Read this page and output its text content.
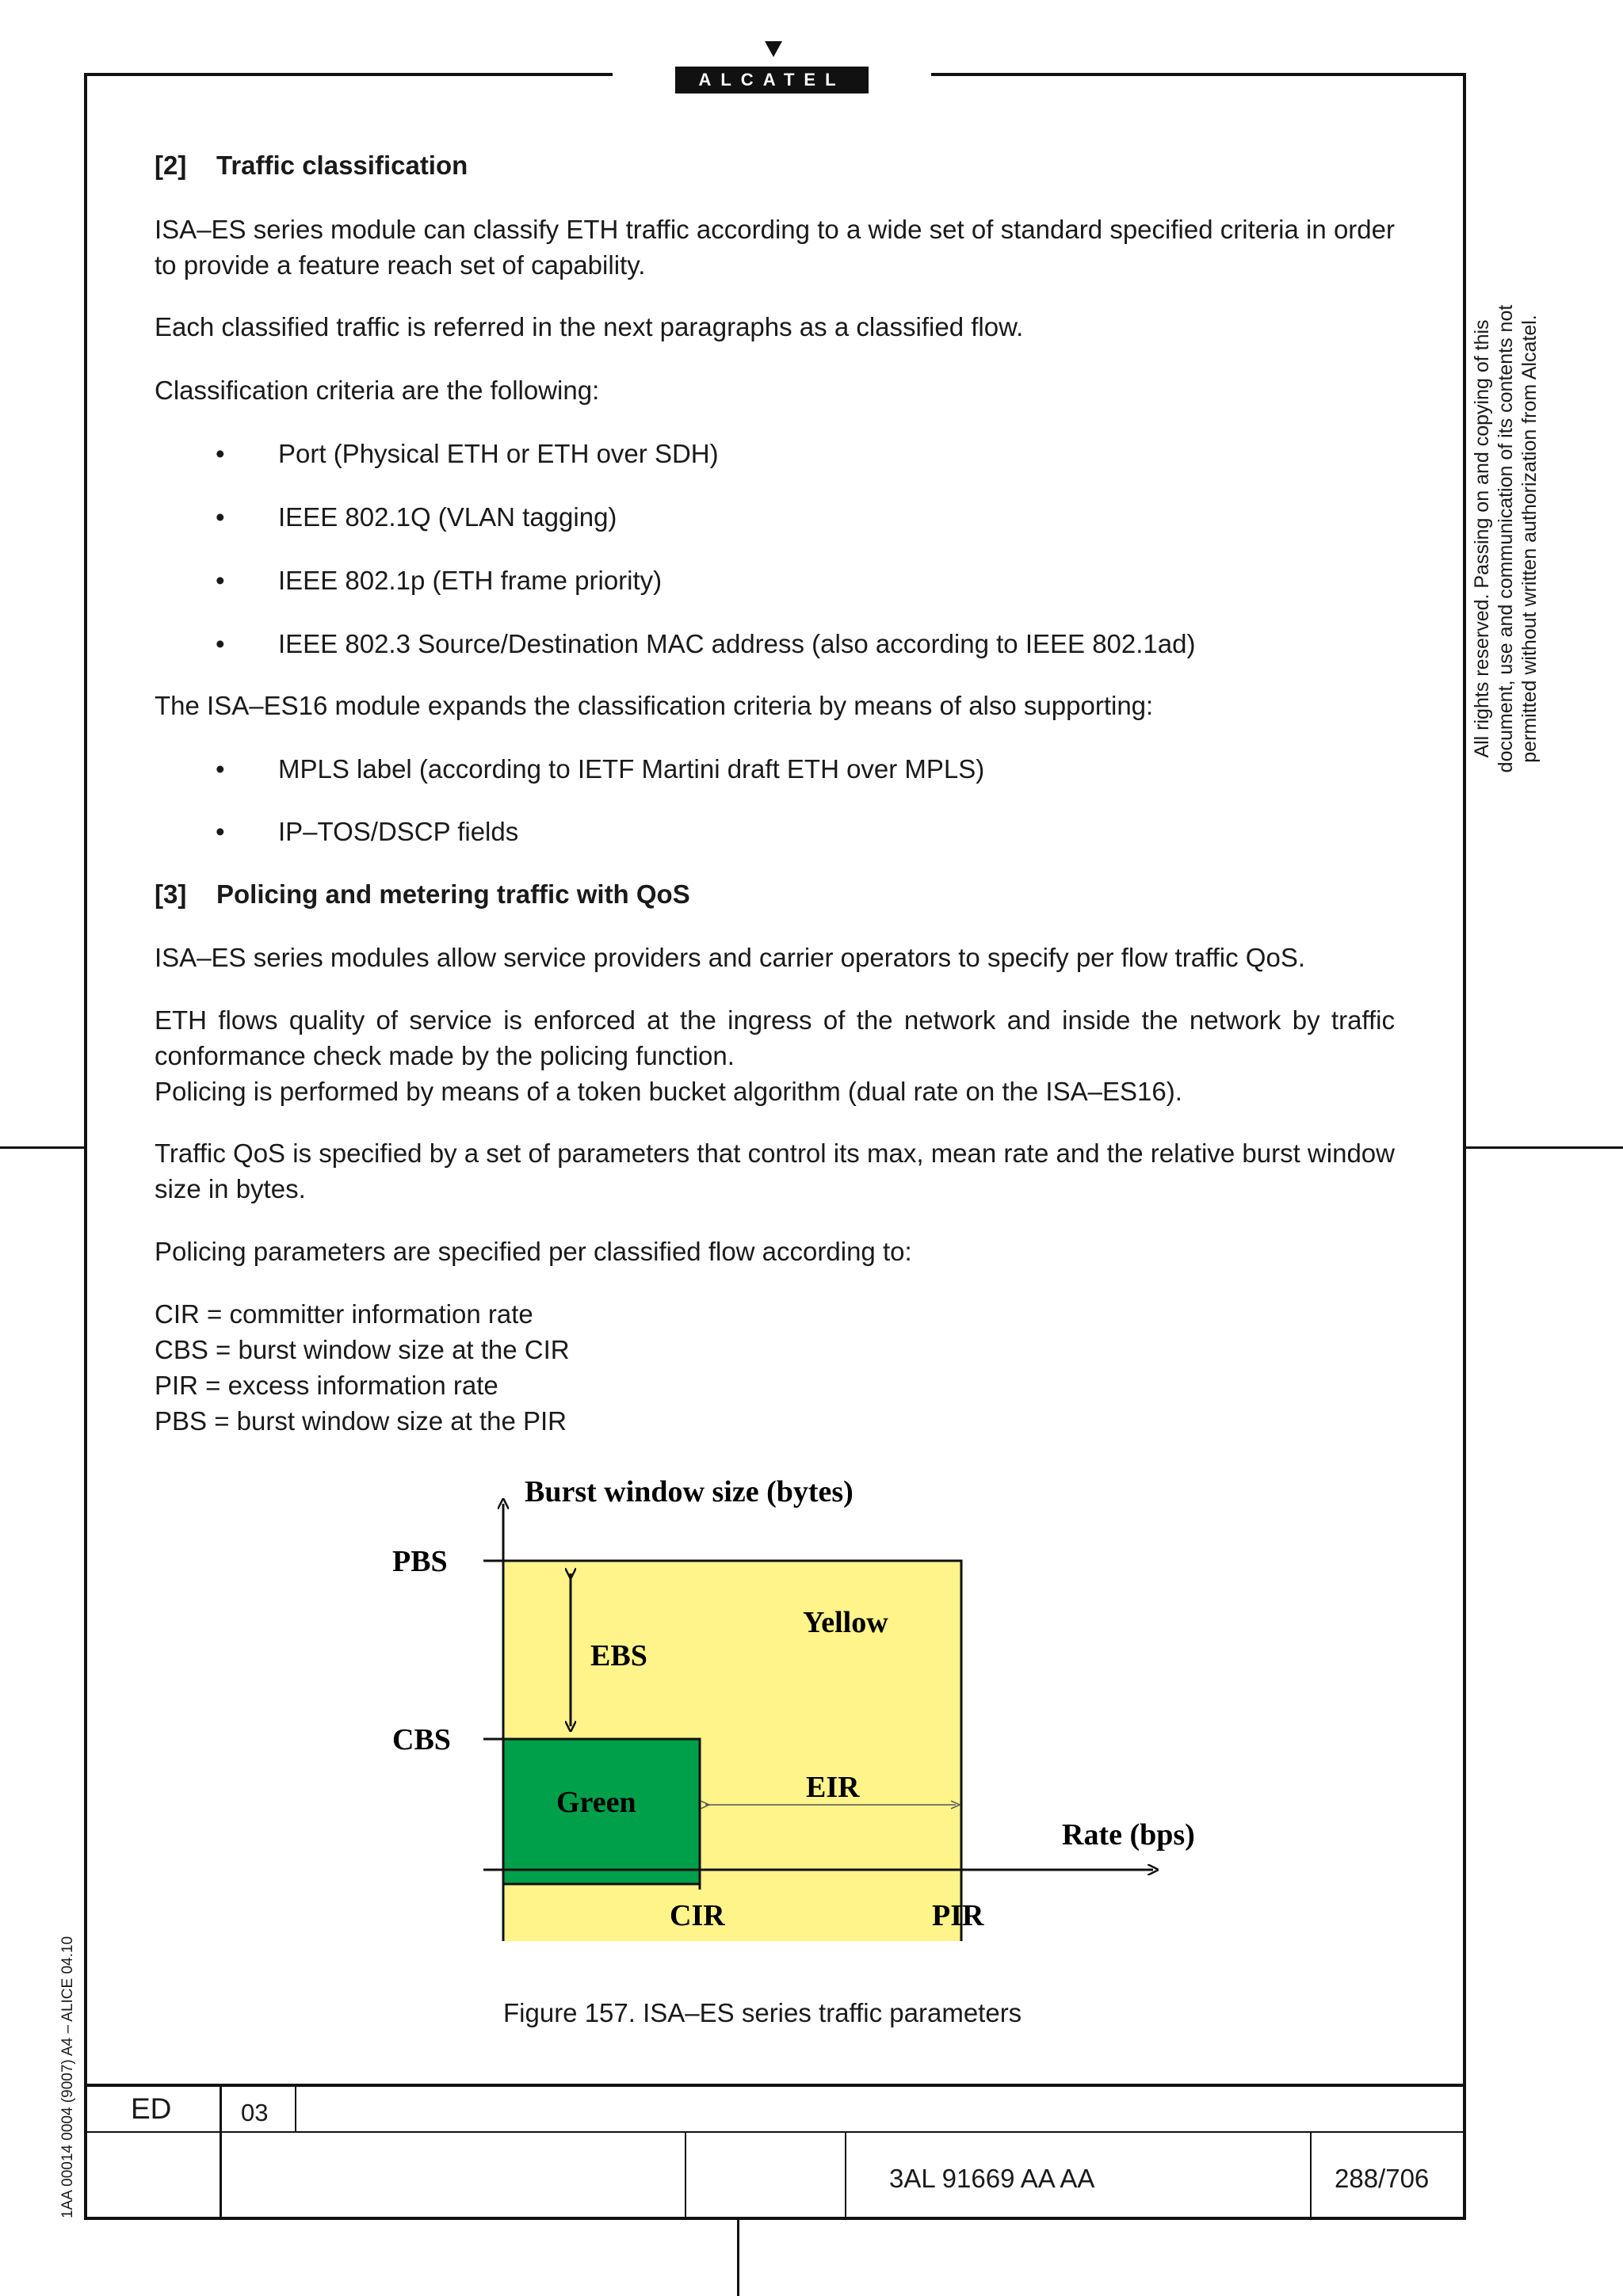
ALCATEL
[2] Traffic classification

ISA–ES series module can classify ETH traffic according to a wide set of standard specified criteria in order to provide a feature reach set of capability.

Each classified traffic is referred in the next paragraphs as a classified flow.

Classification criteria are the following:

• Port (Physical ETH or ETH over SDH)
• IEEE 802.1Q (VLAN tagging)
• IEEE 802.1p (ETH frame priority)
• IEEE 802.3 Source/Destination MAC address (also according to IEEE 802.1ad)

The ISA–ES16 module expands the classification criteria by means of also supporting:

• MPLS label (according to IETF Martini draft ETH over MPLS)
• IP–TOS/DSCP fields
[3] Policing and metering traffic with QoS

ISA–ES series modules allow service providers and carrier operators to specify per flow traffic QoS.

ETH flows quality of service is enforced at the ingress of the network and inside the network by traffic conformance check made by the policing function.

Policing is performed by means of a token bucket algorithm (dual rate on the ISA–ES16).

Traffic QoS is specified by a set of parameters that control its max, mean rate and the relative burst window size in bytes.

Policing parameters are specified per classified flow according to:

CIR = committer information rate
CBS = burst window size at the CIR
PIR = excess information rate
PBS = burst window size at the PIR
Burst window size (bytes)
PBS
CBS
EBS
Yellow
Green	EIR
Rate (bps)
CIR	PIR
Figure 157. ISA–ES series traffic parameters
All rights reserved. Passing on and copying of this document, use and communication of its contents not permitted without written authorization from Alcatel.
1AA 00014 0004 (9007) A4 – ALICE 04.10 ED	03
3AL 91669 AA AA	288/706
